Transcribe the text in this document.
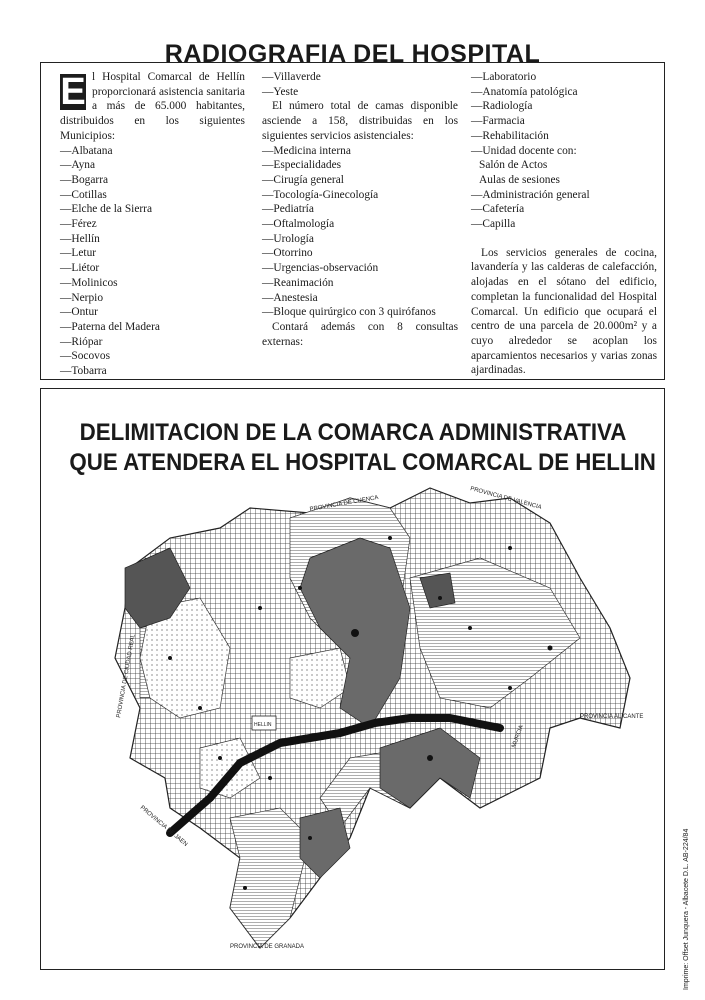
RADIOGRAFIA DEL HOSPITAL
E l Hospital Comarcal de Hellín proporcionará asistencia sanitaria a más de 65.000 habitantes, distribuidos en los siguientes Municipios:

—Albatana
—Ayna
—Bogarra
—Cotillas
—Elche de la Sierra
—Férez
—Hellín
—Letur
—Liétor
—Molinicos
—Nerpio
—Ontur
—Paterna del Madera
—Riópar
—Socovos
—Tobarra
—Villaverde
—Yeste

El número total de camas disponible asciende a 158, distribuidas en los siguientes servicios asistenciales:

—Medicina interna
—Especialidades
—Cirugía general
—Tocología-Ginecología
—Pediatría
—Oftalmología
—Urología
—Otorrino
—Urgencias-observación
—Reanimación
—Anestesia
—Bloque quirúrgico con 3 quirófanos

Contará además con 8 consultas externas:

—Laboratorio
—Anatomía patológica
—Radiología
—Farmacia
—Rehabilitación
—Unidad docente con:
Salón de Actos
Aulas de sesiones
—Administración general
—Cafetería
—Capilla

Los servicios generales de cocina, lavandería y las calderas de calefacción, alojadas en el sótano del edificio, completan la funcionalidad del Hospital Comarcal. Un edificio que ocupará el centro de una parcela de 20.000m² y a cuyo alrededor se acoplan los aparcamientos necesarios y varias zonas ajardinadas.

DELIMITACION DE LA COMARCA ADMINISTRATIVA
QUE ATENDERA EL HOSPITAL COMARCAL DE HELLIN
PROVINCIA DE CUENCA	PROVINCIA DE VALENCIA
PROVINCIA ALICANTE
MURCIA
PROVINCIA DE GRANADA
PROVINCIA DE JAEN
PROVINCIA DE CIUDAD REAL
HELLIN
Imprime: Offset Junquera - Albacete D.L. AB-224/84
